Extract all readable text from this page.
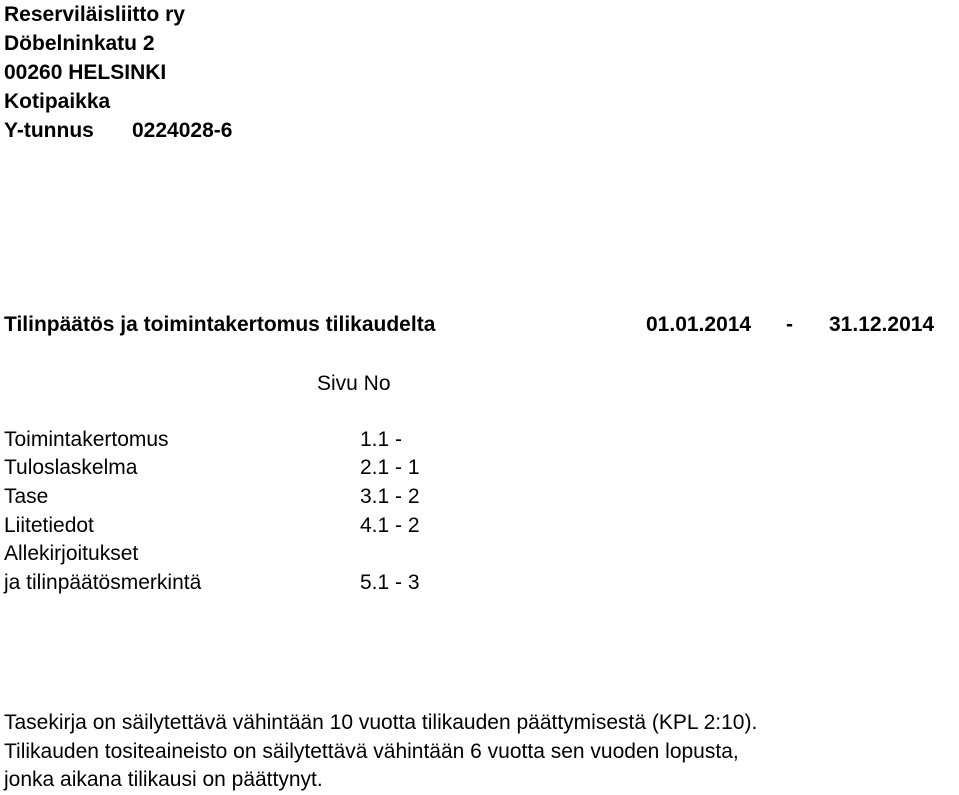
Reserviläisliitto ry
Döbelninkatu 2
00260 HELSINKI
Kotipaikka
Y-tunnus 0224028-6
Tilinpäätös ja toimintakertomus tilikaudelta	01.01.2014 - 31.12.2014
Sivu No
Toimintakertomus	1.1 -
Tuloslaskelma	2.1 - 1
Tase	3.1 - 2
Liitetiedot	4.1 - 2
Allekirjoitukset
ja tilinpäätösmerkintä	5.1 - 3
Tasekirja on säilytettävä vähintään 10 vuotta tilikauden päättymisestä (KPL 2:10).
Tilikauden tositeaineisto on säilytettävä vähintään 6 vuotta sen vuoden lopusta,
jonka aikana tilikausi on päättynyt.
